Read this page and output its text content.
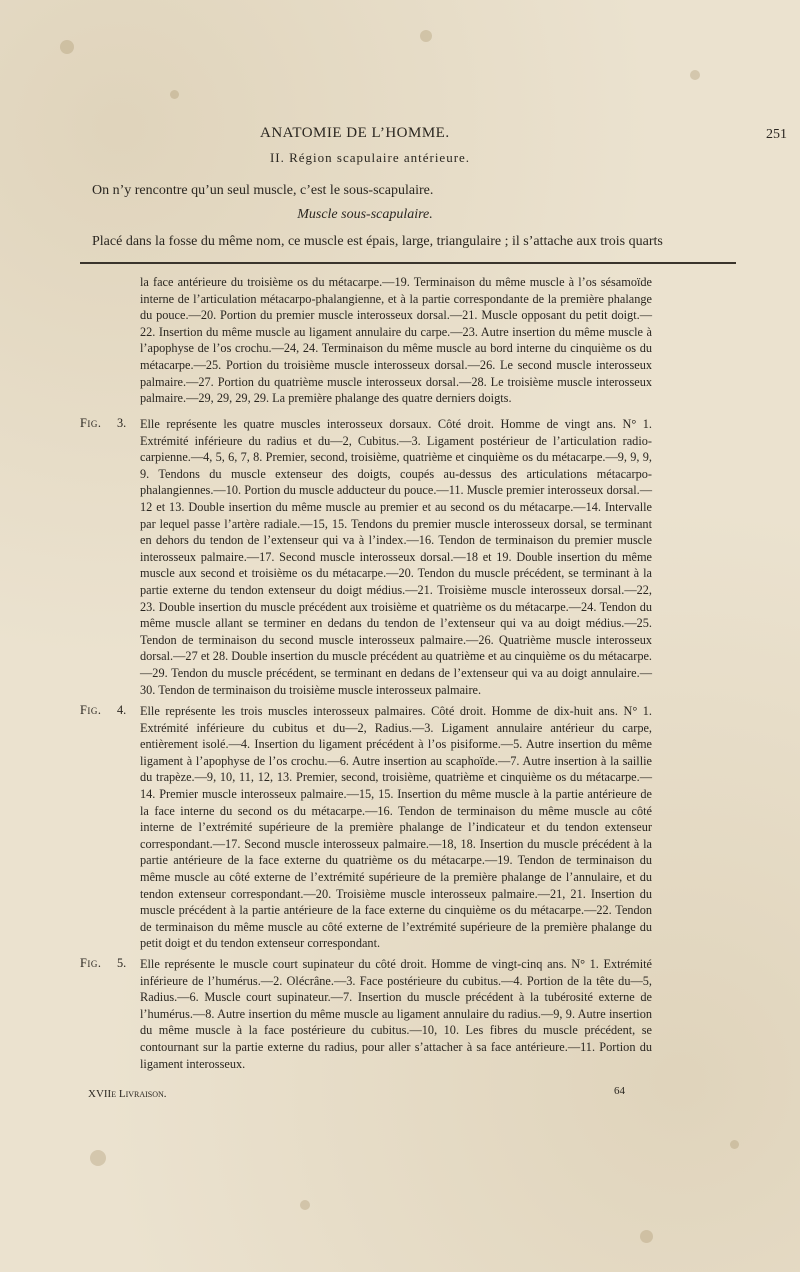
ANATOMIE DE L’HOMME.	251
II. Région scapulaire antérieure.
On n’y rencontre qu’un seul muscle, c’est le sous-scapulaire.
Muscle sous-scapulaire.
Placé dans la fosse du même nom, ce muscle est épais, large, triangulaire ; il s’attache aux trois quarts
la face antérieure du troisième os du métacarpe.—19. Terminaison du même muscle à l’os sésamoïde interne de l’articulation métacarpo-phalangienne, et à la partie correspondante de la première phalange du pouce.—20. Portion du premier muscle interosseux dorsal.—21. Muscle opposant du petit doigt.—22. Insertion du même muscle au ligament annulaire du carpe.—23. Autre insertion du même muscle à l’apophyse de l’os crochu.—24, 24. Terminaison du même muscle au bord interne du cinquième os du métacarpe.—25. Portion du troisième muscle interosseux dorsal.—26. Le second muscle interosseux palmaire.—27. Portion du quatrième muscle interosseux dorsal.—28. Le troisième muscle interosseux palmaire.—29, 29, 29, 29. La première phalange des quatre derniers doigts.
Fig. 3. Elle représente les quatre muscles interosseux dorsaux. Côté droit. Homme de vingt ans. N° 1. Extrémité inférieure du radius et du—2, Cubitus.—3. Ligament postérieur de l’articulation radio-carpienne.—4, 5, 6, 7, 8. Premier, second, troisième, quatrième et cinquième os du métacarpe.—9, 9, 9, 9. Tendons du muscle extenseur des doigts, coupés au-dessus des articulations métacarpo-phalangiennes.—10. Portion du muscle adducteur du pouce.—11. Muscle premier interosseux dorsal.—12 et 13. Double insertion du même muscle au premier et au second os du métacarpe.—14. Intervalle par lequel passe l’artère radiale.—15, 15. Tendons du premier muscle interosseux dorsal, se terminant en dehors du tendon de l’extenseur qui va à l’index.—16. Tendon de terminaison du premier muscle interosseux palmaire.—17. Second muscle interosseux dorsal.—18 et 19. Double insertion du même muscle aux second et troisième os du métacarpe.—20. Tendon du muscle précédent, se terminant à la partie externe du tendon extenseur du doigt médius.—21. Troisième muscle interosseux dorsal.—22, 23. Double insertion du muscle précédent aux troisième et quatrième os du métacarpe.—24. Tendon du même muscle allant se terminer en dedans du tendon de l’extenseur qui va au doigt médius.—25. Tendon de terminaison du second muscle interosseux palmaire.—26. Quatrième muscle interosseux dorsal.—27 et 28. Double insertion du muscle précédent au quatrième et au cinquième os du métacarpe.—29. Tendon du muscle précédent, se terminant en dedans de l’extenseur qui va au doigt annulaire.—30. Tendon de terminaison du troisième muscle interosseux palmaire.
Fig. 4. Elle représente les trois muscles interosseux palmaires. Côté droit. Homme de dix-huit ans. N° 1. Extrémité inférieure du cubitus et du—2, Radius.—3. Ligament annulaire antérieur du carpe, entièrement isolé.—4. Insertion du ligament précédent à l’os pisiforme.—5. Autre insertion du même ligament à l’apophyse de l’os crochu.—6. Autre insertion au scaphoïde.—7. Autre insertion à la saillie du trapèze.—9, 10, 11, 12, 13. Premier, second, troisième, quatrième et cinquième os du métacarpe.—14. Premier muscle interosseux palmaire.—15, 15. Insertion du même muscle à la partie antérieure de la face interne du second os du métacarpe.—16. Tendon de terminaison du même muscle au côté interne de l’extrémité supérieure de la première phalange de l’indicateur et du tendon extenseur correspondant.—17. Second muscle interosseux palmaire.—18, 18. Insertion du muscle précédent à la partie antérieure de la face externe du quatrième os du métacarpe.—19. Tendon de terminaison du même muscle au côté externe de l’extrémité supérieure de la première phalange de l’annulaire, et du tendon extenseur correspondant.—20. Troisième muscle interosseux palmaire.—21, 21. Insertion du muscle précédent à la partie antérieure de la face externe du cinquième os du métacarpe.—22. Tendon de terminaison du même muscle au côté externe de l’extrémité supérieure de la première phalange du petit doigt et du tendon extenseur correspondant.
Fig. 5. Elle représente le muscle court supinateur du côté droit. Homme de vingt-cinq ans. N° 1. Extrémité inférieure de l’humérus.—2. Olécrâne.—3. Face postérieure du cubitus.—4. Portion de la tête du—5, Radius.—6. Muscle court supinateur.—7. Insertion du muscle précédent à la tubérosité externe de l’humérus.—8. Autre insertion du même muscle au ligament annulaire du radius.—9, 9. Autre insertion du même muscle à la face postérieure du cubitus.—10, 10. Les fibres du muscle précédent, se contournant sur la partie externe du radius, pour aller s’attacher à sa face antérieure.—11. Portion du ligament interosseux.
XVIIe Livraison.	64
